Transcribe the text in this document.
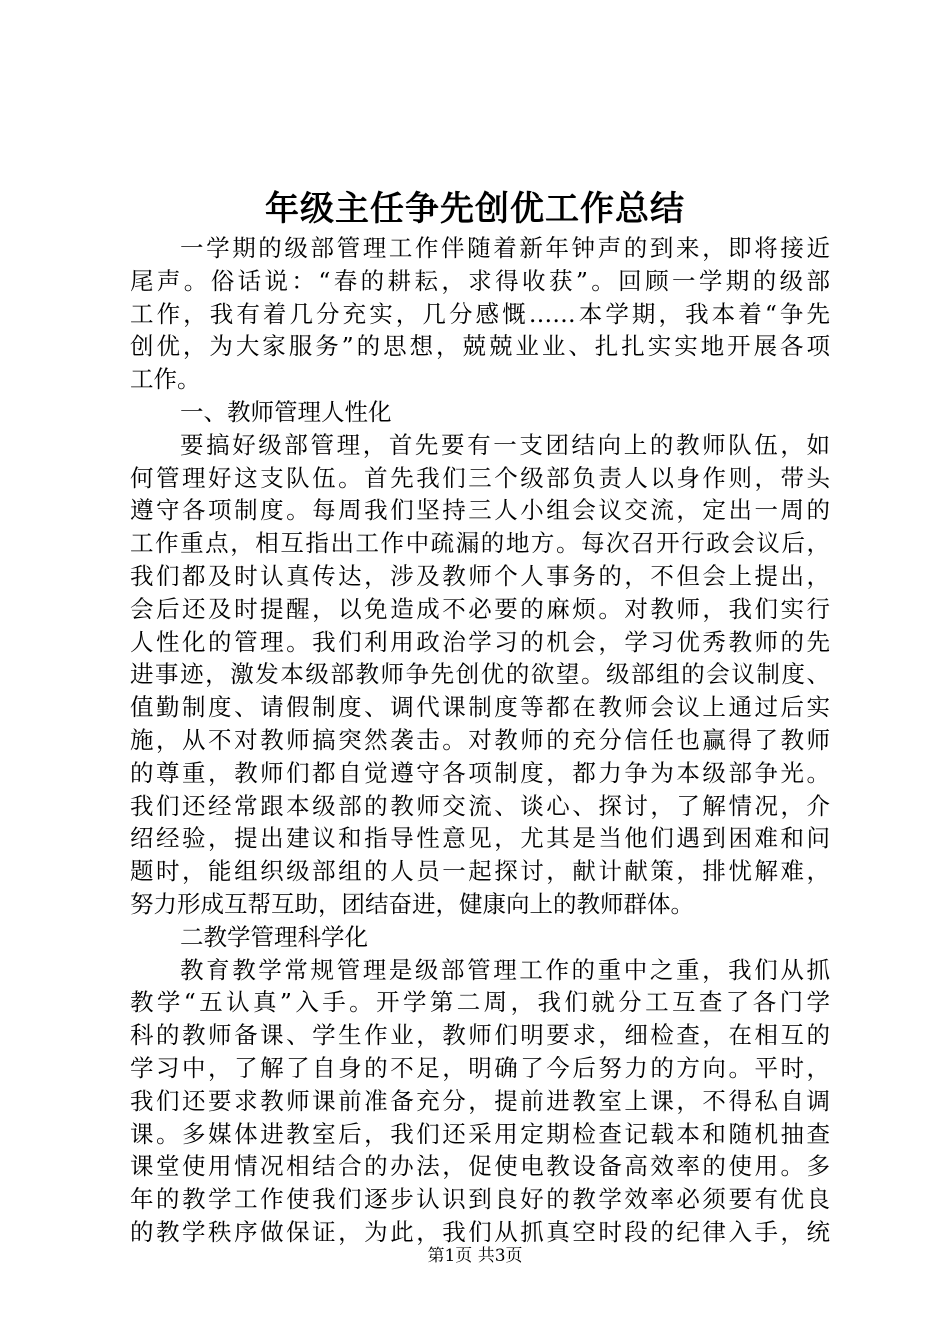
年级主任争先创优工作总结
一学期的级部管理工作伴随着新年钟声的到来，即将接近
尾声。俗话说：“春的耕耘，求得收获”。回顾一学期的级部
工作，我有着几分充实，几分感慨……本学期，我本着“争先
创优，为大家服务”的思想，兢兢业业、扎扎实实地开展各项
工作。
一、教师管理人性化
要搞好级部管理，首先要有一支团结向上的教师队伍，如
何管理好这支队伍。首先我们三个级部负责人以身作则，带头
遵守各项制度。每周我们坚持三人小组会议交流，定出一周的
工作重点，相互指出工作中疏漏的地方。每次召开行政会议后，
我们都及时认真传达，涉及教师个人事务的，不但会上提出，
会后还及时提醒，以免造成不必要的麻烦。对教师，我们实行
人性化的管理。我们利用政治学习的机会，学习优秀教师的先
进事迹，激发本级部教师争先创优的欲望。级部组的会议制度、
值勤制度、请假制度、调代课制度等都在教师会议上通过后实
施，从不对教师搞突然袭击。对教师的充分信任也赢得了教师
的尊重，教师们都自觉遵守各项制度，都力争为本级部争光。
我们还经常跟本级部的教师交流、谈心、探讨，了解情况，介
绍经验，提出建议和指导性意见，尤其是当他们遇到困难和问
题时，能组织级部组的人员一起探讨，献计献策，排忧解难，
努力形成互帮互助，团结奋进，健康向上的教师群体。
二教学管理科学化
教育教学常规管理是级部管理工作的重中之重，我们从抓
教学“五认真”入手。开学第二周，我们就分工互查了各门学
科的教师备课、学生作业，教师们明要求，细检查，在相互的
学习中，了解了自身的不足，明确了今后努力的方向。平时，
我们还要求教师课前准备充分，提前进教室上课，不得私自调
课。多媒体进教室后，我们还采用定期检查记载本和随机抽查
课堂使用情况相结合的办法，促使电教设备高效率的使用。多
年的教学工作使我们逐步认识到良好的教学效率必须要有优良
的教学秩序做保证，为此，我们从抓真空时段的纪律入手，统
第1页 共3页
